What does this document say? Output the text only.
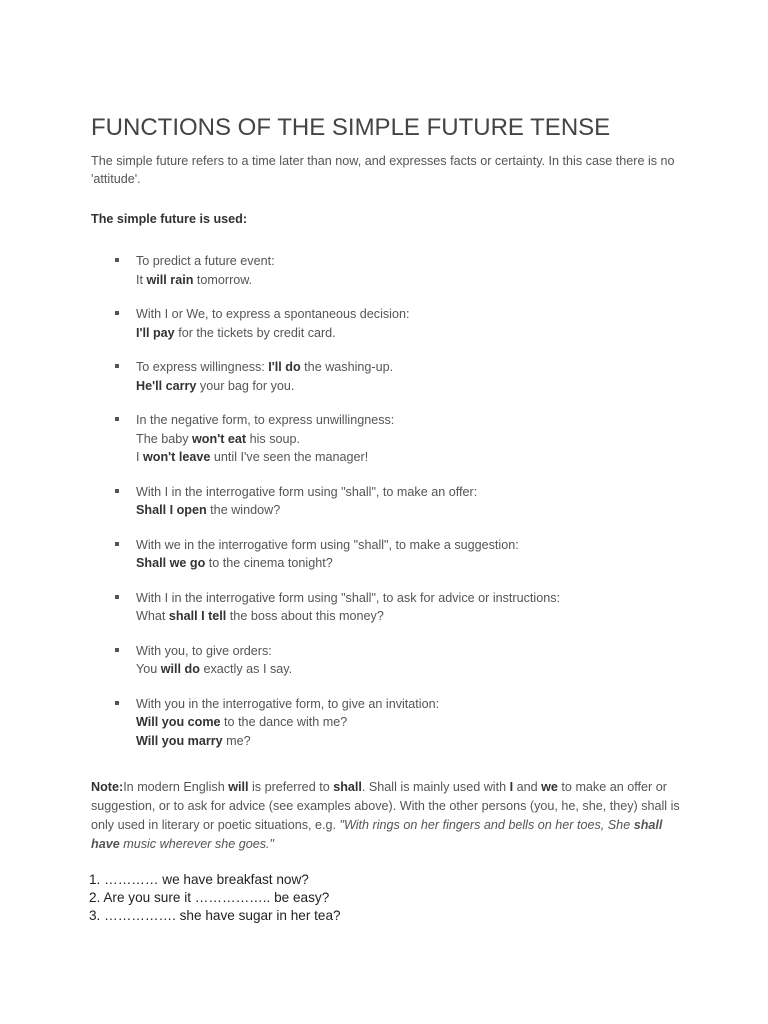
FUNCTIONS OF THE SIMPLE FUTURE TENSE

The simple future refers to a time later than now, and expresses facts or certainty. In this case there is no 'attitude'.

The simple future is used:

To predict a future event:
It will rain tomorrow.
With I or We, to express a spontaneous decision:
I'll pay for the tickets by credit card.
To express willingness: I'll do the washing-up.
He'll carry your bag for you.
In the negative form, to express unwillingness:
The baby won't eat his soup.
I won't leave until I've seen the manager!
With I in the interrogative form using "shall", to make an offer:
Shall I open the window?
With we in the interrogative form using "shall", to make a suggestion:
Shall we go to the cinema tonight?
With I in the interrogative form using "shall", to ask for advice or instructions:
What shall I tell the boss about this money?
With you, to give orders:
You will do exactly as I say.
With you in the interrogative form, to give an invitation:
Will you come to the dance with me?
Will you marry me?

Note:In modern English will is preferred to shall. Shall is mainly used with I and we to make an offer or suggestion, or to ask for advice (see examples above). With the other persons (you, he, she, they) shall is only used in literary or poetic situations, e.g. "With rings on her fingers and bells on her toes, She shall have music wherever she goes."

1. ………… we have breakfast now?

2. Are you sure it …………….. be easy?

3. ……………. she have sugar in her tea?
